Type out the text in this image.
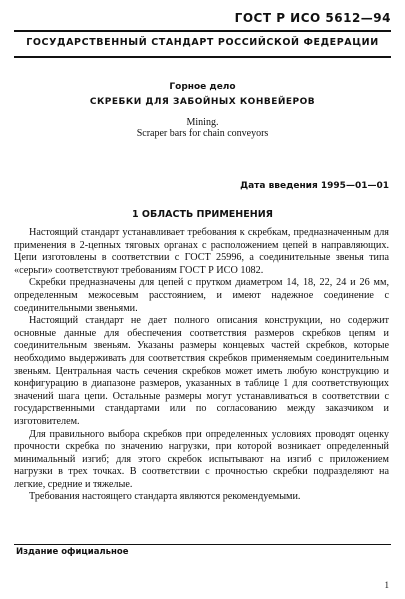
ГОСТ Р ИСО 5612—94
ГОСУДАРСТВЕННЫЙ СТАНДАРТ РОССИЙСКОЙ ФЕДЕРАЦИИ
Горное дело
СКРЕБКИ ДЛЯ ЗАБОЙНЫХ КОНВЕЙЕРОВ
Mining.
Scraper bars for chain conveyors
Дата введения 1995—01—01
1 ОБЛАСТЬ ПРИМЕНЕНИЯ

Настоящий стандарт устанавливает требования к скребкам, предназначенным для применения в 2-цепных тяговых органах с расположением цепей в направляющих. Цепи изготовлены в соответствии с ГОСТ 25996, а соединительные звенья типа «серьги» соответствуют требованиям ГОСТ Р ИСО 1082.

Скребки предназначены для цепей с прутком диаметром 14, 18, 22, 24 и 26 мм, определенным межосевым расстоянием, и имеют надежное соединение с соединительными звеньями.

Настоящий стандарт не дает полного описания конструкции, но содержит основные данные для обеспечения соответствия размеров скребков цепям и соединительным звеньям. Указаны размеры концевых частей скребков, которые необходимо выдерживать для соответствия скребков применяемым соединительным звеньям. Центральная часть сечения скребков может иметь любую конструкцию и конфигурацию в диапазоне размеров, указанных в таблице 1 для соответствующих значений шага цепи. Остальные размеры могут устанавливаться в соответствии с государственными стандартами или по согласованию между заказчиком и изготовителем.

Для правильного выбора скребков при определенных условиях проводят оценку прочности скребка по значению нагрузки, при которой возникает определенный минимальный изгиб; для этого скребок испытывают на изгиб с приложением нагрузки в трех точках. В соответствии с прочностью скребки подразделяют на легкие, средние и тяжелые.

Требования настоящего стандарта являются рекомендуемыми.

Издание официальное
1
